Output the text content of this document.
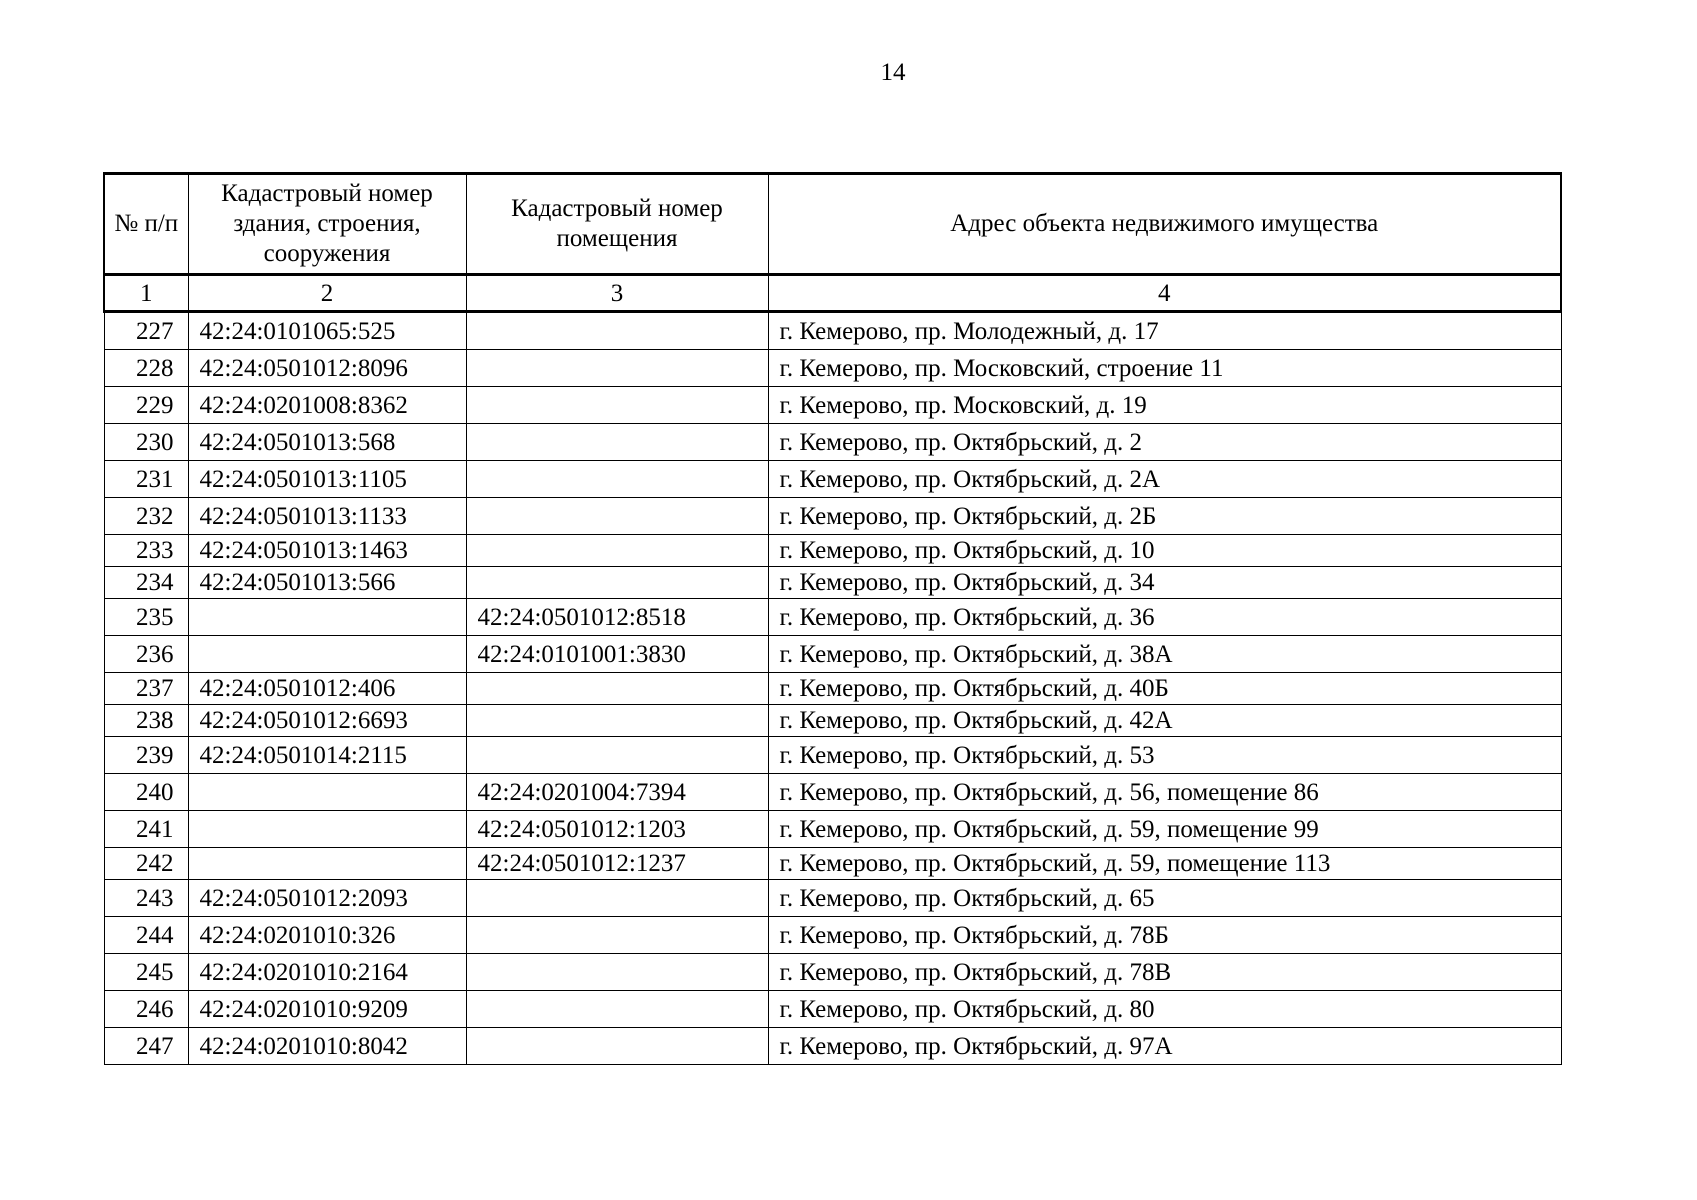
14
№ п/п	Кадастровый номер здания, строения, сооружения	Кадастровый номер помещения	Адрес объекта недвижимого имущества
1	2	3	4
227	42:24:0101065:525		г. Кемерово, пр. Молодежный, д. 17
228	42:24:0501012:8096		г. Кемерово, пр. Московский, строение 11
229	42:24:0201008:8362		г. Кемерово, пр. Московский, д. 19
230	42:24:0501013:568		г. Кемерово, пр. Октябрьский, д. 2
231	42:24:0501013:1105		г. Кемерово, пр. Октябрьский, д. 2А
232	42:24:0501013:1133		г. Кемерово, пр. Октябрьский, д. 2Б
233	42:24:0501013:1463		г. Кемерово, пр. Октябрьский, д. 10
234	42:24:0501013:566		г. Кемерово, пр. Октябрьский, д. 34
235		42:24:0501012:8518	г. Кемерово, пр. Октябрьский, д. 36
236		42:24:0101001:3830	г. Кемерово, пр. Октябрьский, д. 38А
237	42:24:0501012:406		г. Кемерово, пр. Октябрьский, д. 40Б
238	42:24:0501012:6693		г. Кемерово, пр. Октябрьский, д. 42А
239	42:24:0501014:2115		г. Кемерово, пр. Октябрьский, д. 53
240		42:24:0201004:7394	г. Кемерово, пр. Октябрьский, д. 56, помещение 86
241		42:24:0501012:1203	г. Кемерово, пр. Октябрьский, д. 59, помещение 99
242		42:24:0501012:1237	г. Кемерово, пр. Октябрьский, д. 59, помещение 113
243	42:24:0501012:2093		г. Кемерово, пр. Октябрьский, д. 65
244	42:24:0201010:326		г. Кемерово, пр. Октябрьский, д. 78Б
245	42:24:0201010:2164		г. Кемерово, пр. Октябрьский, д. 78В
246	42:24:0201010:9209		г. Кемерово, пр. Октябрьский, д. 80
247	42:24:0201010:8042		г. Кемерово, пр. Октябрьский, д. 97А
